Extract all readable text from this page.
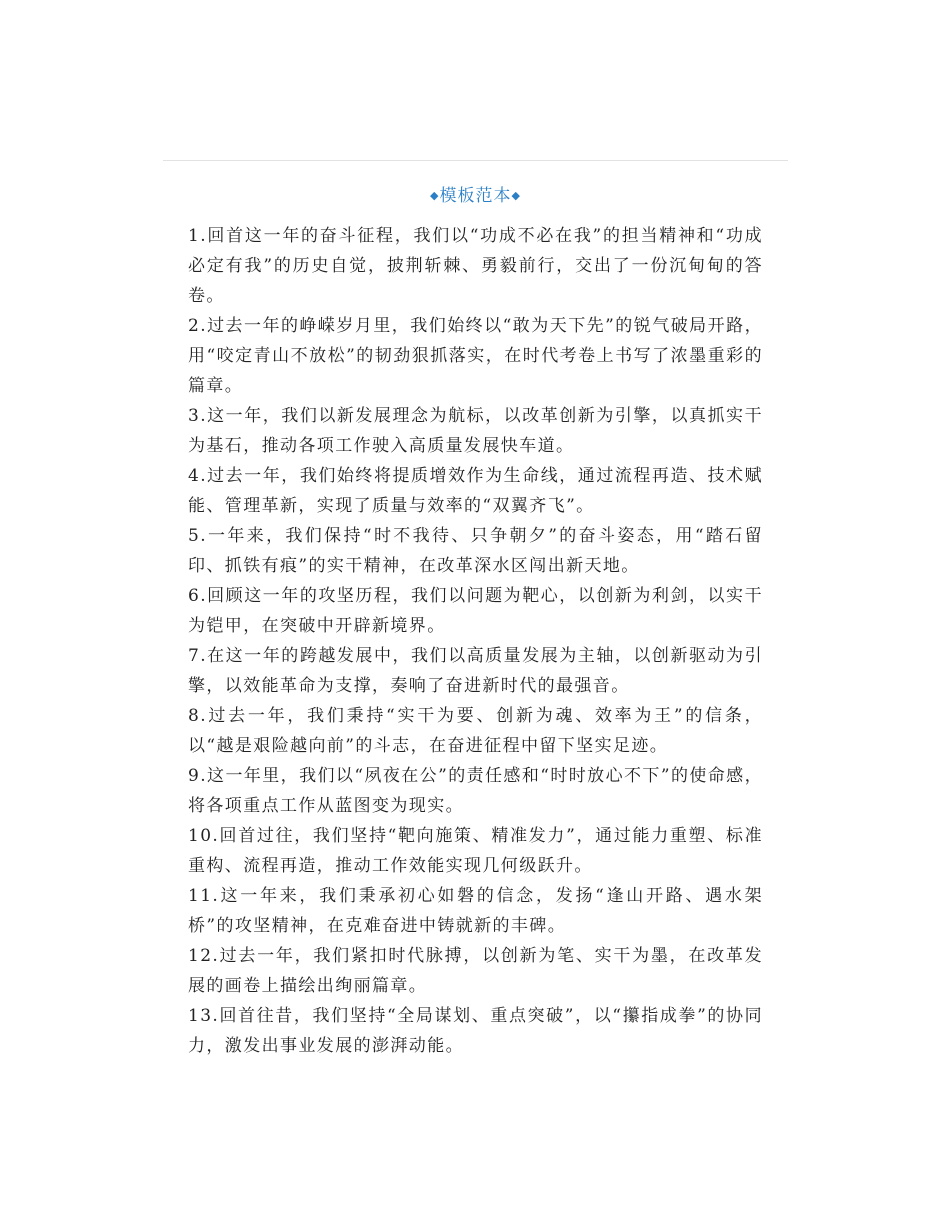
◆模板范本◆

1.回首这一年的奋斗征程，我们以“功成不必在我”的担当精神和“功成必定有我”的历史自觉，披荆斩棘、勇毅前行，交出了一份沉甸甸的答卷。

2.过去一年的峥嵘岁月里，我们始终以“敢为天下先”的锐气破局开路，用“咬定青山不放松”的韧劲狠抓落实，在时代考卷上书写了浓墨重彩的篇章。

3.这一年，我们以新发展理念为航标，以改革创新为引擎，以真抓实干为基石，推动各项工作驶入高质量发展快车道。

4.过去一年，我们始终将提质增效作为生命线，通过流程再造、技术赋能、管理革新，实现了质量与效率的“双翼齐飞”。

5.一年来，我们保持“时不我待、只争朝夕”的奋斗姿态，用“踏石留印、抓铁有痕”的实干精神，在改革深水区闯出新天地。

6.回顾这一年的攻坚历程，我们以问题为靶心，以创新为利剑，以实干为铠甲，在突破中开辟新境界。

7.在这一年的跨越发展中，我们以高质量发展为主轴，以创新驱动为引擎，以效能革命为支撑，奏响了奋进新时代的最强音。

8.过去一年，我们秉持“实干为要、创新为魂、效率为王”的信条，以“越是艰险越向前”的斗志，在奋进征程中留下坚实足迹。

9.这一年里，我们以“夙夜在公”的责任感和“时时放心不下”的使命感，将各项重点工作从蓝图变为现实。

10.回首过往，我们坚持“靶向施策、精准发力”，通过能力重塑、标准重构、流程再造，推动工作效能实现几何级跃升。

11.这一年来，我们秉承初心如磐的信念，发扬“逢山开路、遇水架桥”的攻坚精神，在克难奋进中铸就新的丰碑。

12.过去一年，我们紧扣时代脉搏，以创新为笔、实干为墨，在改革发展的画卷上描绘出绚丽篇章。

13.回首往昔，我们坚持“全局谋划、重点突破”，以“攥指成拳”的协同力，激发出事业发展的澎湃动能。
